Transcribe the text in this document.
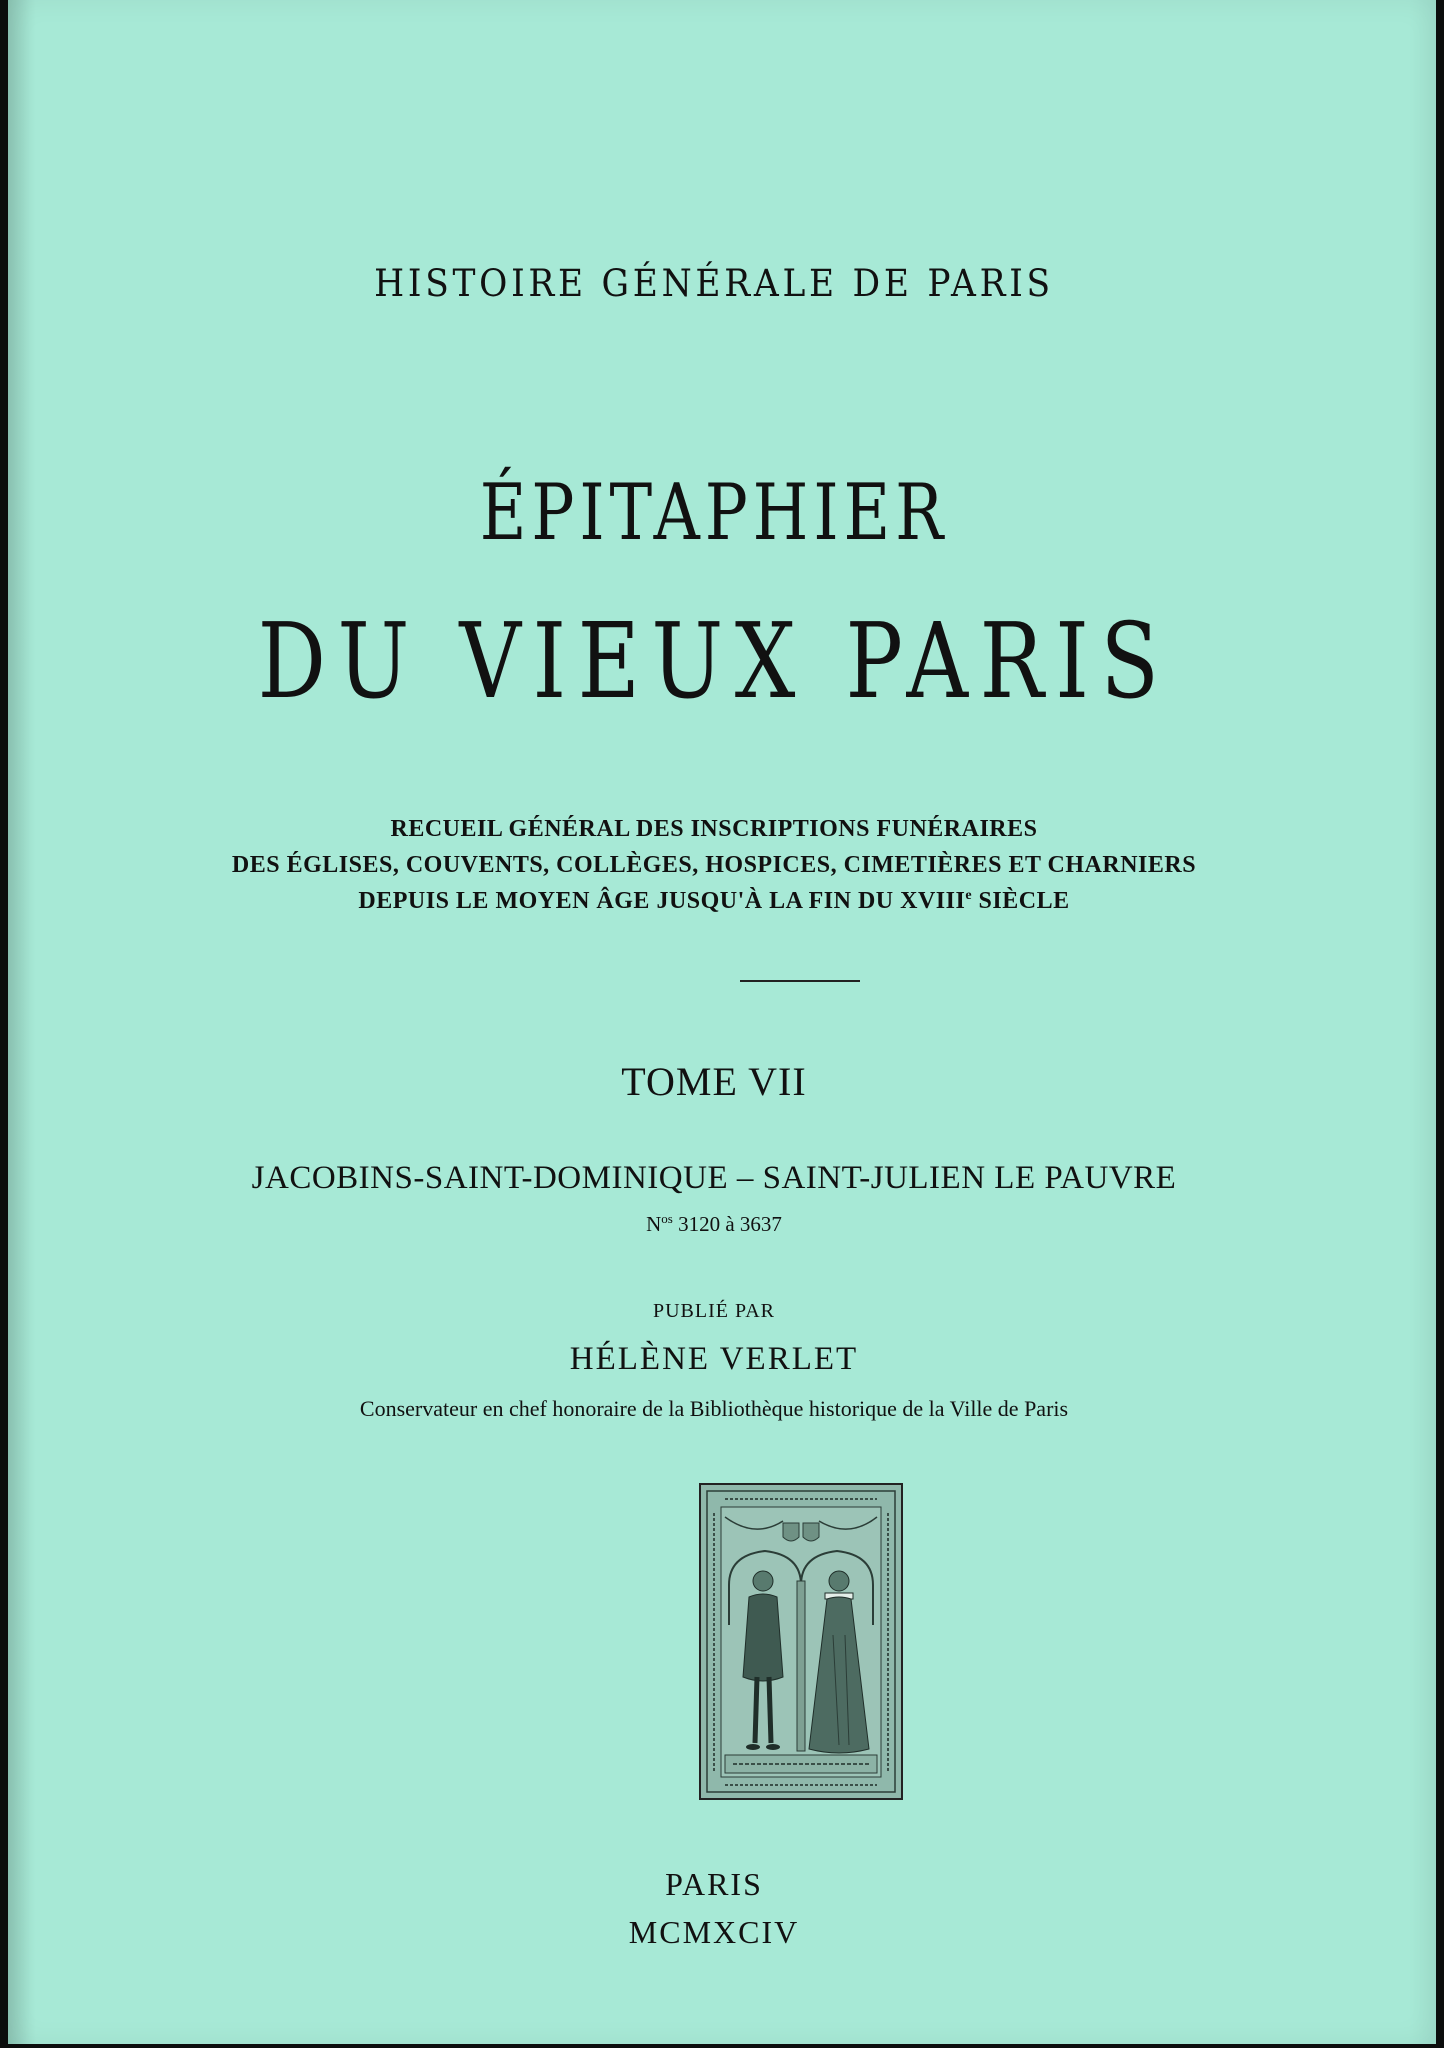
HISTOIRE GÉNÉRALE DE PARIS

ÉPITAPHIER
DU VIEUX PARIS

RECUEIL GÉNÉRAL DES INSCRIPTIONS FUNÉRAIRES

DES ÉGLISES, COUVENTS, COLLÈGES, HOSPICES, CIMETIÈRES ET CHARNIERS

DEPUIS LE MOYEN ÂGE JUSQU'À LA FIN DU XVIIIe SIÈCLE

TOME VII

JACOBINS-SAINT-DOMINIQUE – SAINT-JULIEN LE PAUVRE

$N^{os}$ 3120 à 3637

PUBLIÉ PAR

HÉLÈNE VERLET

Conservateur en chef honoraire de la Bibliothèque historique de la Ville de Paris

PARIS

MCMXCIV
